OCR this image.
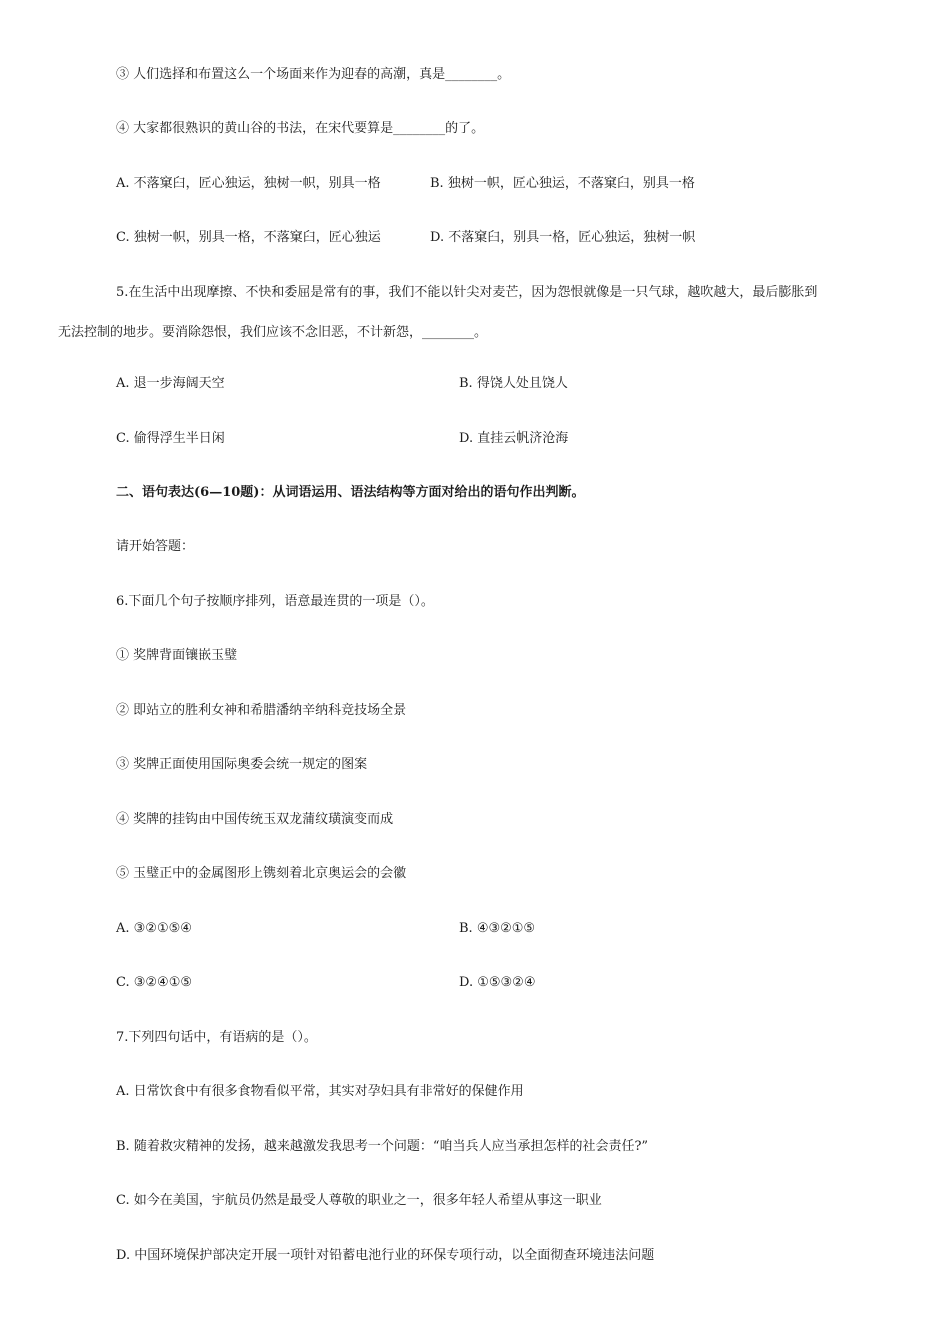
③ 人们选择和布置这么一个场面来作为迎春的高潮，真是________。
④ 大家都很熟识的黄山谷的书法，在宋代要算是________的了。
A. 不落窠臼，匠心独运，独树一帜，别具一格	B. 独树一帜，匠心独运，不落窠臼，别具一格
C. 独树一帜，别具一格，不落窠臼，匠心独运	D. 不落窠臼，别具一格，匠心独运，独树一帜
5.在生活中出现摩擦、不快和委屈是常有的事，我们不能以针尖对麦芒，因为怨恨就像是一只气球，越吹越大，最后膨胀到
无法控制的地步。要消除怨恨，我们应该不念旧恶，不计新怨，________。
A. 退一步海阔天空	B. 得饶人处且饶人
C. 偷得浮生半日闲	D. 直挂云帆济沧海
二、语句表达(6—10题)：从词语运用、语法结构等方面对给出的语句作出判断。
请开始答题：
6.下面几个句子按顺序排列，语意最连贯的一项是（）。
① 奖牌背面镶嵌玉璧
② 即站立的胜利女神和希腊潘纳辛纳科竞技场全景
③ 奖牌正面使用国际奥委会统一规定的图案
④ 奖牌的挂钩由中国传统玉双龙蒲纹璜演变而成
⑤ 玉璧正中的金属图形上镌刻着北京奥运会的会徽
A. ③②①⑤④	B. ④③②①⑤
C. ③②④①⑤	D. ①⑤③②④
7.下列四句话中，有语病的是（）。
A. 日常饮食中有很多食物看似平常，其实对孕妇具有非常好的保健作用
B. 随着救灾精神的发扬，越来越激发我思考一个问题：“咱当兵人应当承担怎样的社会责任?”
C. 如今在美国，宇航员仍然是最受人尊敬的职业之一，很多年轻人希望从事这一职业
D. 中国环境保护部决定开展一项针对铅蓄电池行业的环保专项行动，以全面彻查环境违法问题
